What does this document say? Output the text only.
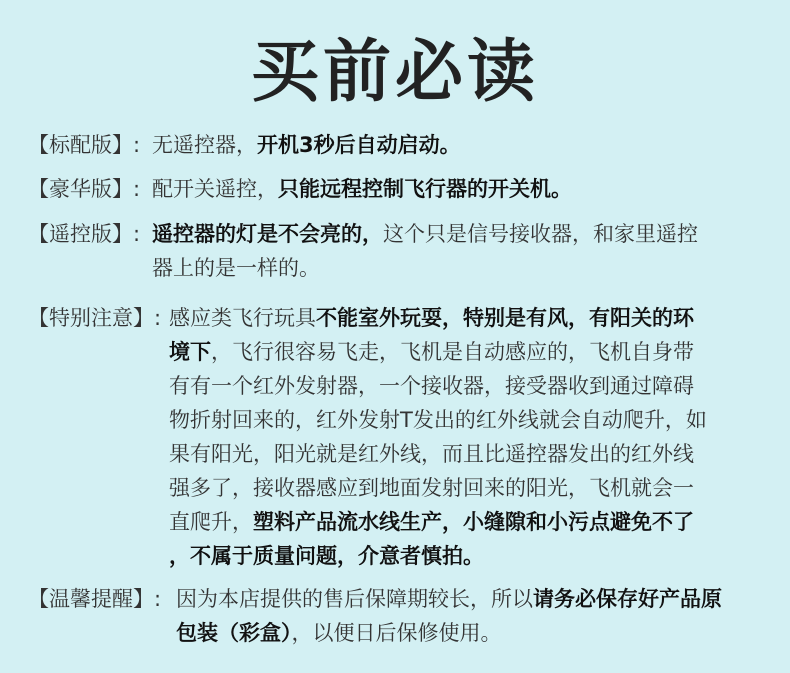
买前必读
【标配版】: 无遥控器，开机3秒后自动启动。
【豪华版】: 配开关遥控，只能远程控制飞行器的开关机。
【遥控版】: 遥控器的灯是不会亮的，这个只是信号接收器，和家里遥控
器上的是一样的。
【特别注意】: 感应类飞行玩具不能室外玩耍，特别是有风，有阳关的环
境下，飞行很容易飞走，飞机是自动感应的，飞机自身带
有有一个红外发射器，一个接收器，接受器收到通过障碍
物折射回来的，红外发射T发出的红外线就会自动爬升，如
果有阳光，阳光就是红外线，而且比遥控器发出的红外线
强多了，接收器感应到地面发射回来的阳光，飞机就会一
直爬升，塑料产品流水线生产，小缝隙和小污点避免不了
，不属于质量问题，介意者慎拍。
【温馨提醒】: 因为本店提供的售后保障期较长，所以请务必保存好产品原
包装（彩盒），以便日后保修使用。
